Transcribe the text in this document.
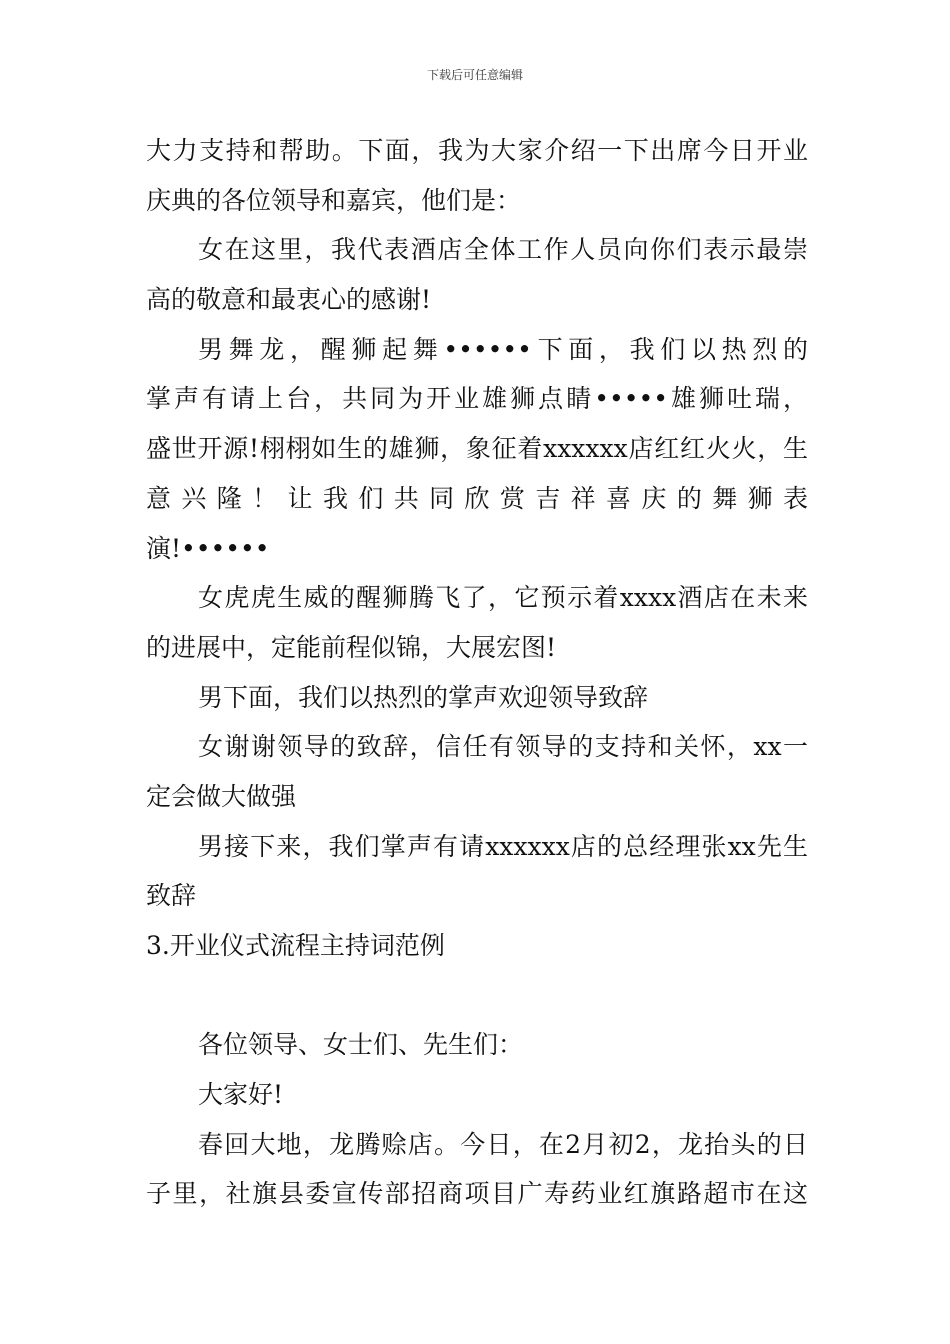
下载后可任意编辑
大力支持和帮助。下面，我为大家介绍一下出席今日开业
庆典的各位领导和嘉宾，他们是：
女在这里，我代表酒店全体工作人员向你们表示最崇
高的敬意和最衷心的感谢!
男舞龙，醒狮起舞••••••下面，我们以热烈的
掌声有请上台，共同为开业雄狮点睛•••••雄狮吐瑞，
盛世开源!栩栩如生的雄狮，象征着xxxxxx店红红火火，生
意兴隆！让我们共同欣赏吉祥喜庆的舞狮表
演!••••••
女虎虎生威的醒狮腾飞了，它预示着xxxx酒店在未来
的进展中，定能前程似锦，大展宏图!
男下面，我们以热烈的掌声欢迎领导致辞
女谢谢领导的致辞，信任有领导的支持和关怀，xx一
定会做大做强
男接下来，我们掌声有请xxxxxx店的总经理张xx先生
致辞
3.开业仪式流程主持词范例
各位领导、女士们、先生们：
大家好!
春回大地，龙腾赊店。今日，在2月初2，龙抬头的日
子里，社旗县委宣传部招商项目广寿药业红旗路超市在这
